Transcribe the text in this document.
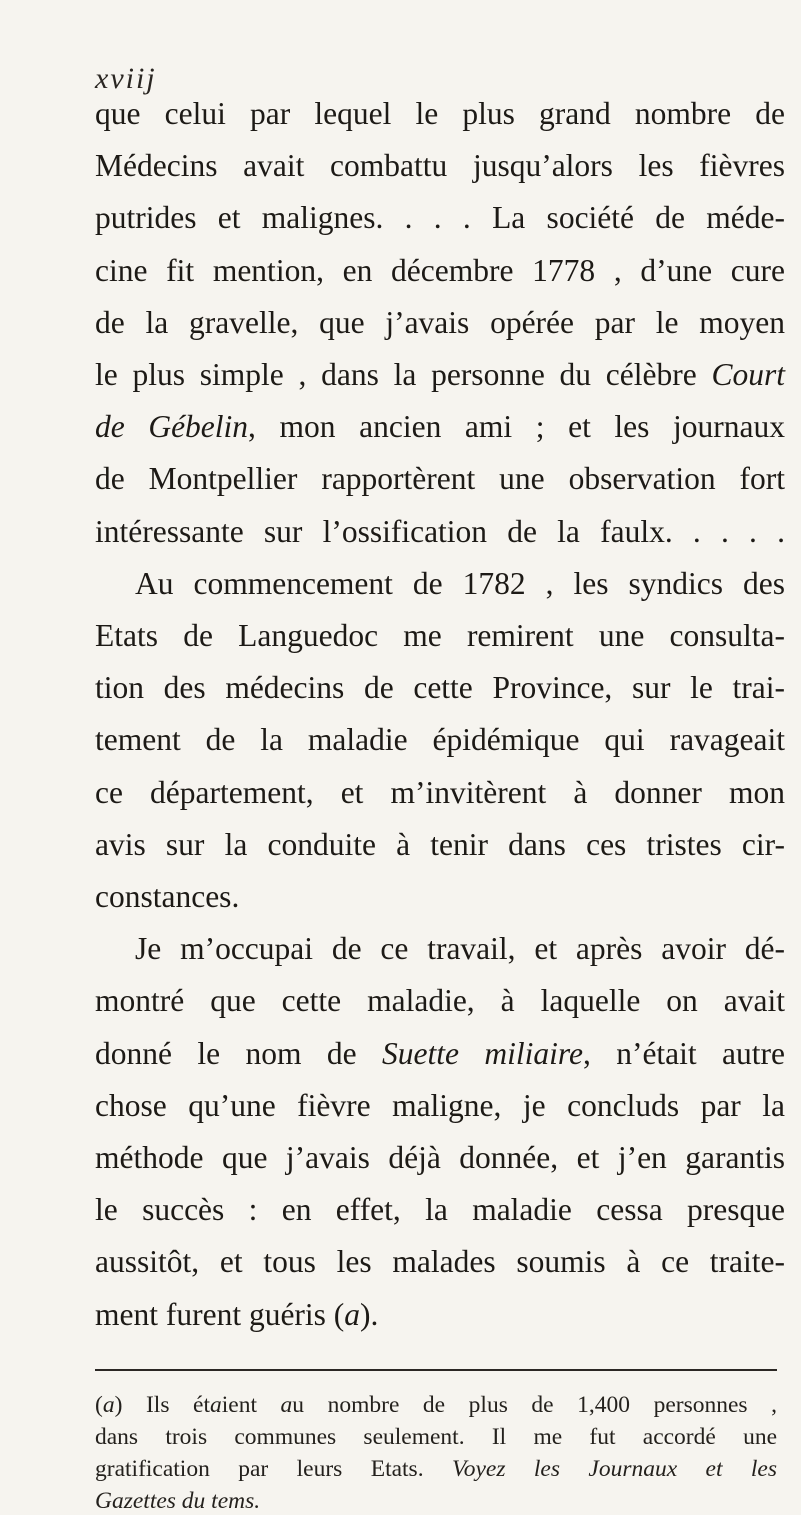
xviij
que celui par lequel le plus grand nombre de
Médecins avait combattu jusqu’alors les fièvres
putrides et malignes. . . . La société de méde-
cine fit mention, en décembre 1778 , d’une cure
de la gravelle, que j’avais opérée par le moyen
le plus simple , dans la personne du célèbre Court
de Gébelin, mon ancien ami ; et les journaux
de Montpellier rapportèrent une observation fort
intéressante sur l’ossification de la faulx. . . . .
Au commencement de 1782 , les syndics des
Etats de Languedoc me remirent une consulta-
tion des médecins de cette Province, sur le trai-
tement de la maladie épidémique qui ravageait
ce département, et m’invitèrent à donner mon
avis sur la conduite à tenir dans ces tristes cir-
constances.
Je m’occupai de ce travail, et après avoir dé-
montré que cette maladie, à laquelle on avait
donné le nom de Suette miliaire, n’était autre
chose qu’une fièvre maligne, je concluds par la
méthode que j’avais déjà donnée, et j’en garantis
le succès : en effet, la maladie cessa presque
aussitôt, et tous les malades soumis à ce traite-
ment furent guéris (a).
(a) Ils étaient au nombre de plus de 1,400 personnes ,
dans trois communes seulement. Il me fut accordé une
gratification par leurs Etats. Voyez les Journaux et les
Gazettes du tems.
